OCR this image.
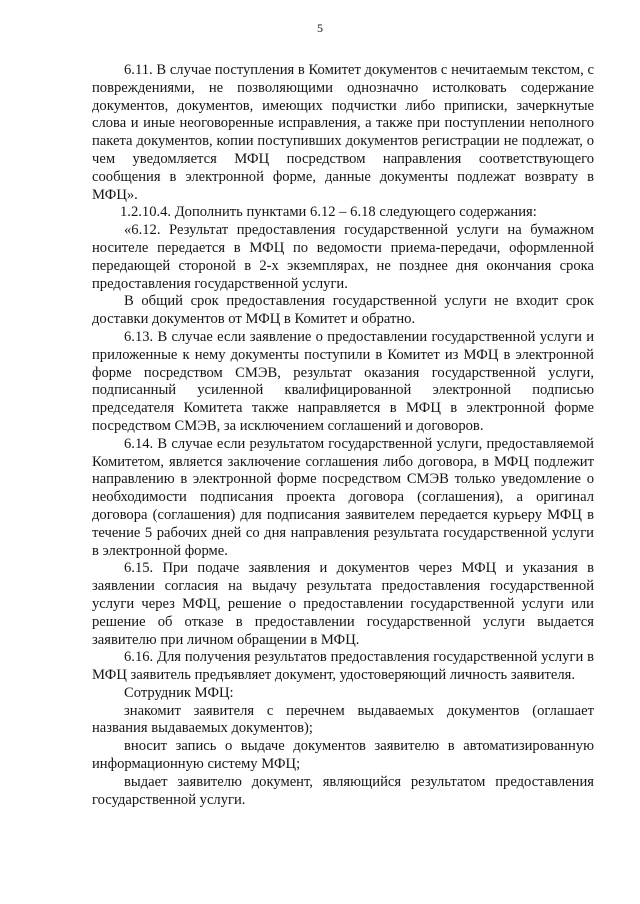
5

6.11. В случае поступления в Комитет документов с нечитаемым текстом, с повреждениями, не позволяющими однозначно истолковать содержание документов, документов, имеющих подчистки либо приписки, зачеркнутые слова и иные неоговоренные исправления, а также при поступлении неполного пакета документов, копии поступивших документов регистрации не подлежат, о чем уведомляется МФЦ посредством направления соответствующего сообщения в электронной форме, данные документы подлежат возврату в МФЦ».

1.2.10.4. Дополнить пунктами 6.12 – 6.18 следующего содержания:

«6.12. Результат предоставления государственной услуги на бумажном носителе передается в МФЦ по ведомости приема-передачи, оформленной передающей стороной в 2-х экземплярах, не позднее дня окончания срока предоставления государственной услуги.

В общий срок предоставления государственной услуги не входит срок доставки документов от МФЦ в Комитет и обратно.

6.13. В случае если заявление о предоставлении государственной услуги и приложенные к нему документы поступили в Комитет из МФЦ в электронной форме посредством СМЭВ, результат оказания государственной услуги, подписанный усиленной квалифицированной электронной подписью председателя Комитета также направляется в МФЦ в электронной форме посредством СМЭВ, за исключением соглашений и договоров.

6.14. В случае если результатом государственной услуги, предоставляемой Комитетом, является заключение соглашения либо договора, в МФЦ подлежит направлению в электронной форме посредством СМЭВ только уведомление о необходимости подписания проекта договора (соглашения), а оригинал договора (соглашения) для подписания заявителем передается курьеру МФЦ в течение 5 рабочих дней со дня направления результата государственной услуги в электронной форме.

6.15. При подаче заявления и документов через МФЦ и указания в заявлении согласия на выдачу результата предоставления государственной услуги через МФЦ, решение о предоставлении государственной услуги или решение об отказе в предоставлении государственной услуги выдается заявителю при личном обращении в МФЦ.

6.16. Для получения результатов предоставления государственной услуги в МФЦ заявитель предъявляет документ, удостоверяющий личность заявителя.

Сотрудник МФЦ:

знакомит заявителя с перечнем выдаваемых документов (оглашает названия выдаваемых документов);

вносит запись о выдаче документов заявителю в автоматизированную информационную систему МФЦ;

выдает заявителю документ, являющийся результатом предоставления государственной услуги.
